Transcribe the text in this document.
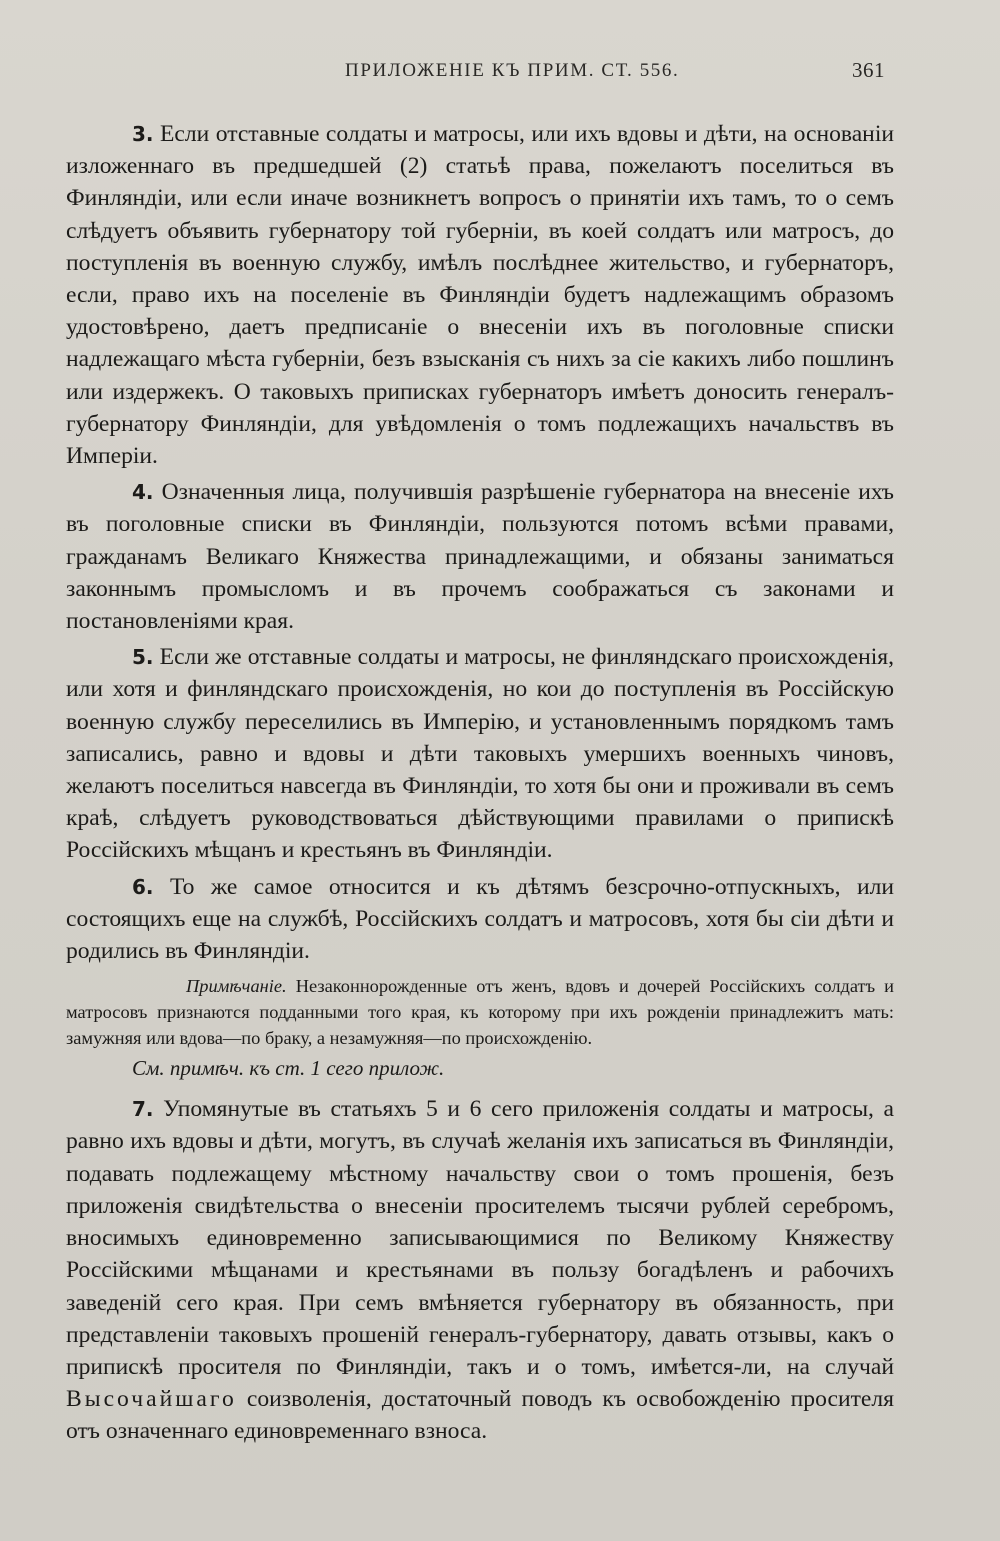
ПРИЛОЖЕНІЕ КЪ ПРИМ. СТ. 556.	361

3. Если отставные солдаты и матросы, или ихъ вдовы и дѣти, на основаніи изложеннаго въ предшедшей (2) статьѣ права, пожелаютъ поселиться въ Финляндіи, или если иначе возникнетъ вопросъ о принятіи ихъ тамъ, то о семъ слѣдуетъ объявить губернатору той губерніи, въ коей солдатъ или матросъ, до поступленія въ военную службу, имѣлъ послѣднее жительство, и губернаторъ, если, право ихъ на поселеніе въ Финляндіи будетъ надлежащимъ образомъ удостовѣрено, даетъ предписаніе о внесеніи ихъ въ поголовные списки надлежащаго мѣста губерніи, безъ взысканія съ нихъ за сіе какихъ либо пошлинъ или издержекъ. О таковыхъ приписках губернаторъ имѣетъ доносить генералъ-губернатору Финляндіи, для увѣдомленія о томъ подлежащихъ начальствъ въ Имперіи.

4. Означенныя лица, получившія разрѣшеніе губернатора на внесеніе ихъ въ поголовные списки въ Финляндіи, пользуются потомъ всѣми правами, гражданамъ Великаго Княжества принадлежащими, и обязаны заниматься законнымъ промысломъ и въ прочемъ соображаться съ законами и постановленіями края.

5. Если же отставные солдаты и матросы, не финляндскаго происхожденія, или хотя и финляндскаго происхожденія, но кои до поступленія въ Россійскую военную службу переселились въ Имперію, и установленнымъ порядкомъ тамъ записались, равно и вдовы и дѣти таковыхъ умершихъ военныхъ чиновъ, желаютъ поселиться навсегда въ Финляндіи, то хотя бы они и проживали въ семъ краѣ, слѣдуетъ руководствоваться дѣйствующими правилами о припискѣ Россійскихъ мѣщанъ и крестьянъ въ Финляндіи.

6. То же самое относится и къ дѣтямъ безсрочно-отпускныхъ, или состоящихъ еще на службѣ, Россійскихъ солдатъ и матросовъ, хотя бы сіи дѣти и родились въ Финляндіи.

Примѣчаніе. Незаконнорожденные отъ женъ, вдовъ и дочерей Россійскихъ солдатъ и матросовъ признаются подданными того края, къ которому при ихъ рожденіи принадлежитъ мать: замужняя или вдова—по браку, а незамужняя—по происхожденію.

См. примѣч. къ ст. 1 сего прилож.

7. Упомянутые въ статьяхъ 5 и 6 сего приложенія солдаты и матросы, а равно ихъ вдовы и дѣти, могутъ, въ случаѣ желанія ихъ записаться въ Финляндіи, подавать подлежащему мѣстному начальству свои о томъ прошенія, безъ приложенія свидѣтельства о внесеніи просителемъ тысячи рублей серебромъ, вносимыхъ единовременно записывающимися по Великому Княжеству Россійскими мѣщанами и крестьянами въ пользу богадѣленъ и рабочихъ заведеній сего края. При семъ вмѣняется губернатору въ обязанность, при представленіи таковыхъ прошеній генералъ-губернатору, давать отзывы, какъ о припискѣ просителя по Финляндіи, такъ и о томъ, имѣется-ли, на случай Высочайшаго соизволенія, достаточный поводъ къ освобожденію просителя отъ означеннаго единовременнаго взноса.
